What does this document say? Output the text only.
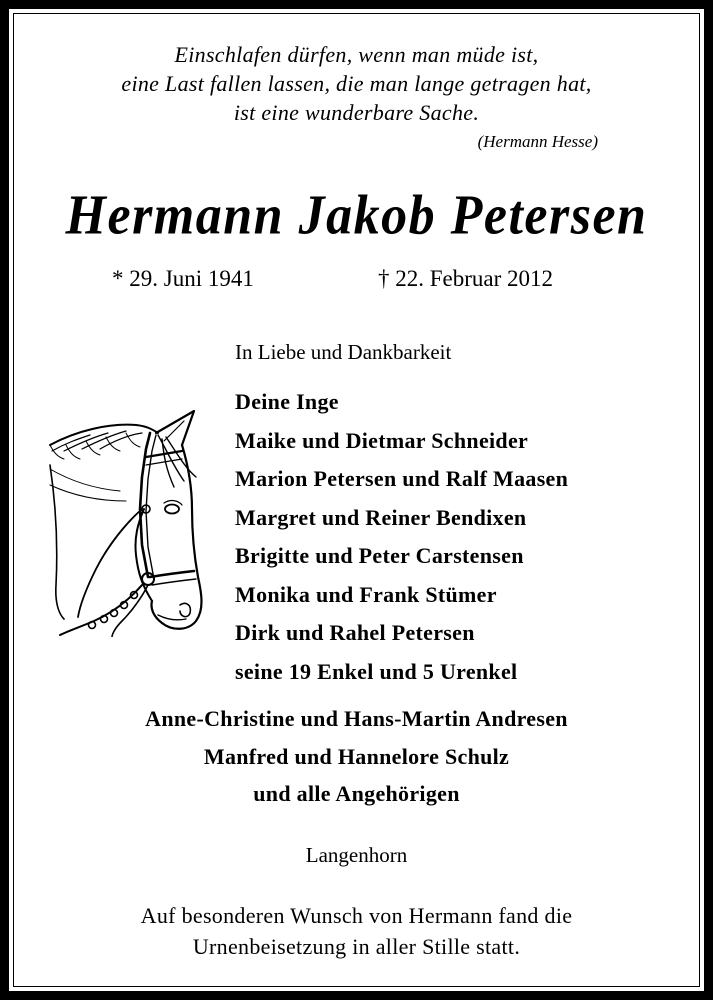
Einschlafen dürfen, wenn man müde ist,
eine Last fallen lassen, die man lange getragen hat,
ist eine wunderbare Sache.
(Hermann Hesse)
Hermann Jakob Petersen
* 29. Juni 1941	† 22. Februar 2012
In Liebe und Dankbarkeit
Deine Inge
Maike und Dietmar Schneider
Marion Petersen und Ralf Maasen
Margret und Reiner Bendixen
Brigitte und Peter Carstensen
Monika und Frank Stümer
Dirk und Rahel Petersen
seine 19 Enkel und 5 Urenkel
Anne-Christine und Hans-Martin Andresen
Manfred und Hannelore Schulz
und alle Angehörigen
Langenhorn
Auf besonderen Wunsch von Hermann fand die
Urnenbeisetzung in aller Stille statt.
